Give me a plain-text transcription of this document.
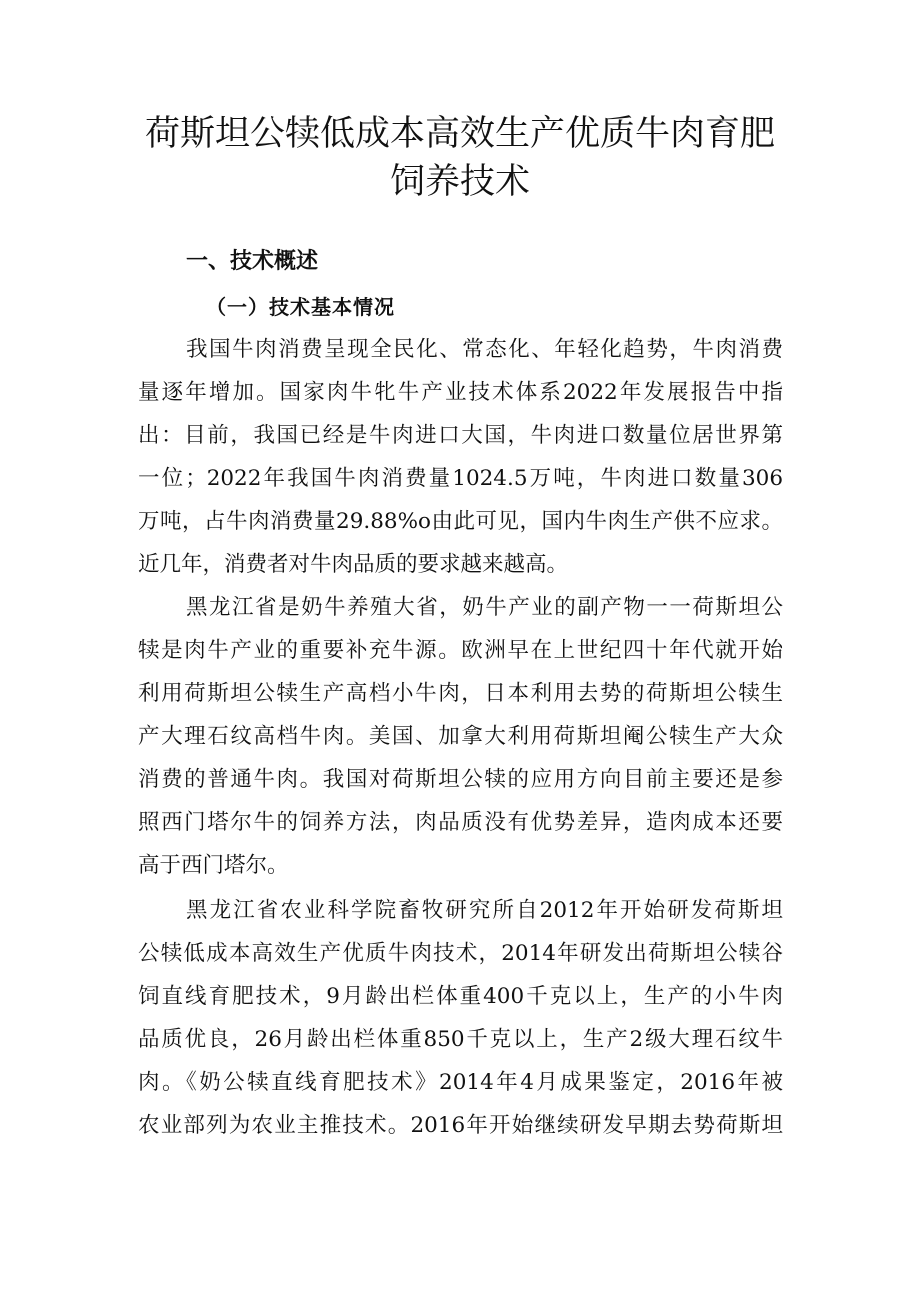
荷斯坦公犊低成本高效生产优质牛肉育肥
饲养技术
一、技术概述
（一）技术基本情况

我国牛肉消费呈现全民化、常态化、年轻化趋势，牛肉消费

量逐年增加。国家肉牛牝牛产业技术体系2022年发展报告中指

出：目前，我国已经是牛肉进口大国，牛肉进口数量位居世界第

一位；2022年我国牛肉消费量1024.5万吨，牛肉进口数量306

万吨，占牛肉消费量29.88%o由此可见，国内牛肉生产供不应求。

近几年，消费者对牛肉品质的要求越来越高。

黑龙江省是奶牛养殖大省，奶牛产业的副产物一一荷斯坦公

犊是肉牛产业的重要补充牛源。欧洲早在上世纪四十年代就开始

利用荷斯坦公犊生产高档小牛肉，日本利用去势的荷斯坦公犊生

产大理石纹高档牛肉。美国、加拿大利用荷斯坦阉公犊生产大众

消费的普通牛肉。我国对荷斯坦公犊的应用方向目前主要还是参

照西门塔尔牛的饲养方法，肉品质没有优势差异，造肉成本还要

高于西门塔尔。

黑龙江省农业科学院畜牧研究所自2012年开始研发荷斯坦

公犊低成本高效生产优质牛肉技术，2014年研发出荷斯坦公犊谷

饲直线育肥技术，9月龄出栏体重400千克以上，生产的小牛肉

品质优良，26月龄出栏体重850千克以上，生产2级大理石纹牛

肉。《奶公犊直线育肥技术》2014年4月成果鉴定，2016年被

农业部列为农业主推技术。2016年开始继续研发早期去势荷斯坦
